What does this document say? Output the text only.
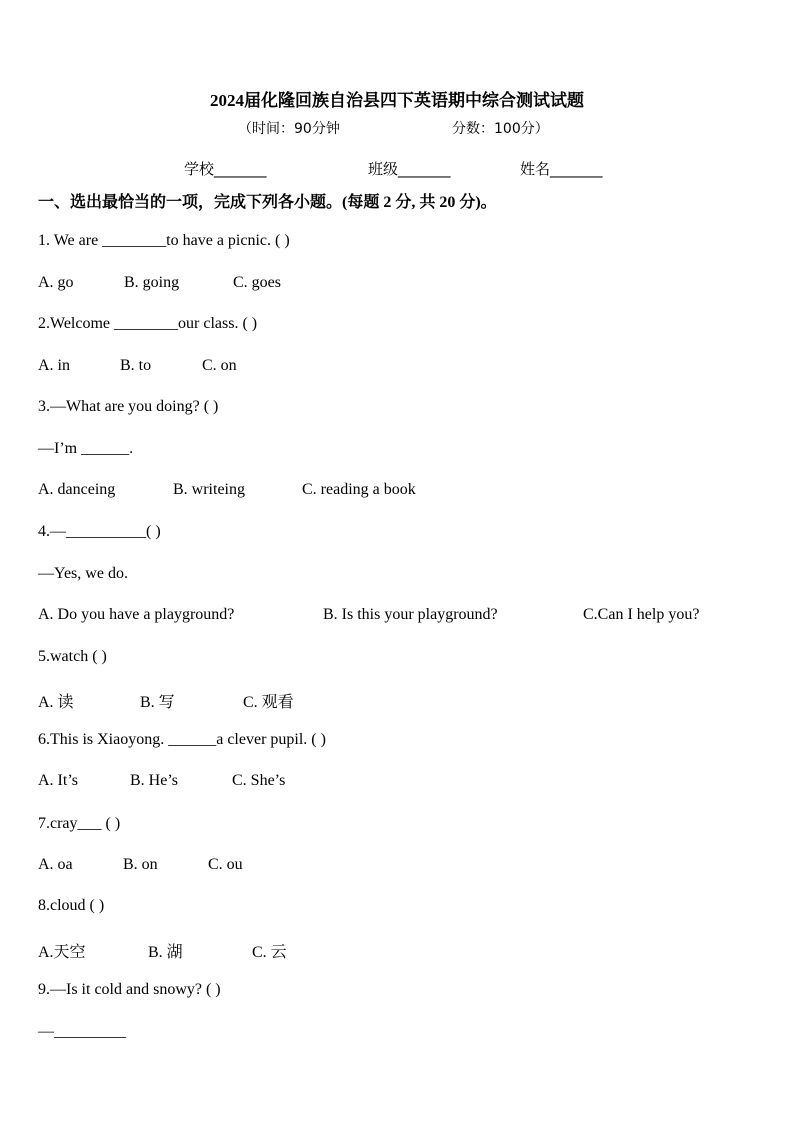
2024届化隆回族自治县四下英语期中综合测试试题
（时间：90分钟	分数：100分）
学校_______	班级_______	姓名_______
一、选出最恰当的一项，完成下列各小题。(每题 2 分, 共 20 分)。
1. We are ________to have a picnic. ( )
A. go	B. going	C. goes
2.Welcome ________our class. ( )
A. in	B. to	C. on
3.—What are you doing? ( )
—I’m ______.
A. danceing	B. writeing	C. reading a book
4.—__________( )
—Yes, we do.
A. Do you have a playground?	B. Is this your playground?	C.Can I help you?
5.watch ( )
A. 读	B. 写	C. 观看
6.This is Xiaoyong. ______a clever pupil. ( )
A. It’s	B. He’s	C. She’s
7.cray___ ( )
A. oa	B. on	C. ou
8.cloud ( )
A.天空	B. 湖	C. 云
9.—Is it cold and snowy? ( )
—_________
